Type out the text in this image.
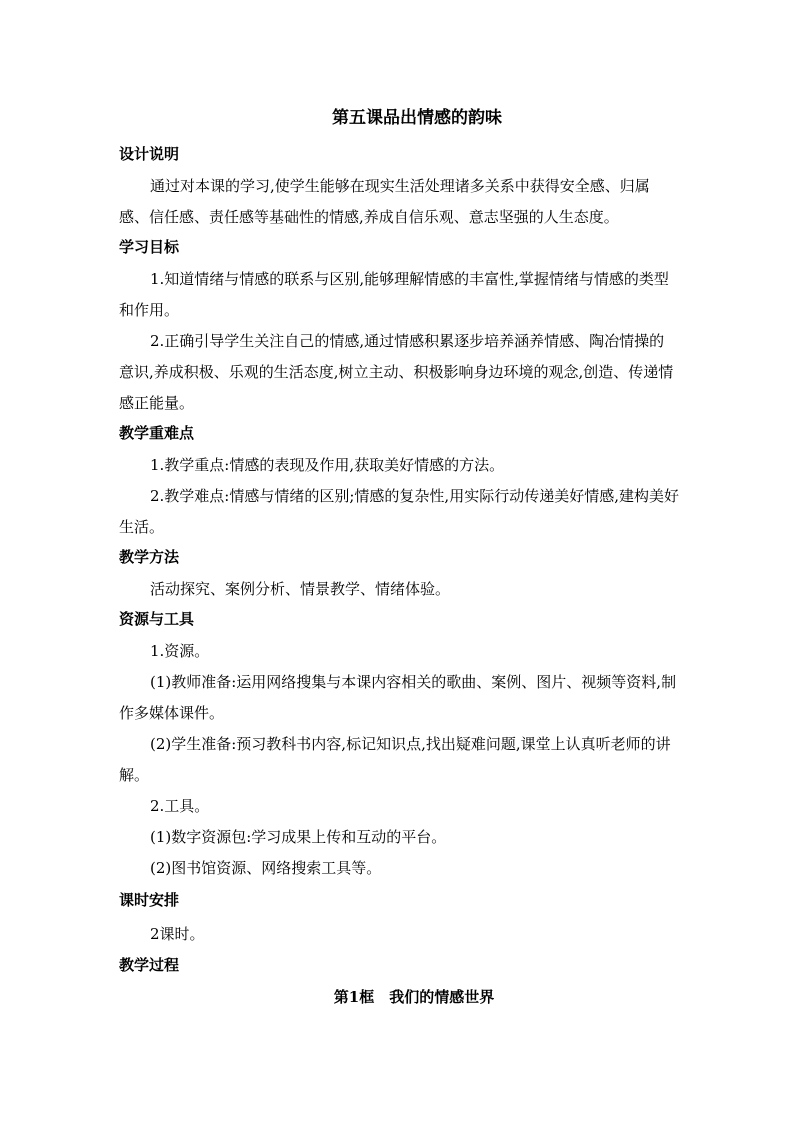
第五课品出情感的韵味
设计说明
通过对本课的学习,使学生能够在现实生活处理诸多关系中获得安全感、归属感、信任感、责任感等基础性的情感,养成自信乐观、意志坚强的人生态度。
学习目标
1.知道情绪与情感的联系与区别,能够理解情感的丰富性,掌握情绪与情感的类型和作用。
2.正确引导学生关注自己的情感,通过情感积累逐步培养涵养情感、陶冶情操的意识,养成积极、乐观的生活态度,树立主动、积极影响身边环境的观念,创造、传递情感正能量。
教学重难点
1.教学重点:情感的表现及作用,获取美好情感的方法。
2.教学难点:情感与情绪的区别;情感的复杂性,用实际行动传递美好情感,建构美好生活。
教学方法
活动探究、案例分析、情景教学、情绪体验。
资源与工具
1.资源。
(1)教师准备:运用网络搜集与本课内容相关的歌曲、案例、图片、视频等资料,制作多媒体课件。
(2)学生准备:预习教科书内容,标记知识点,找出疑难问题,课堂上认真听老师的讲解。
2.工具。
(1)数字资源包:学习成果上传和互动的平台。
(2)图书馆资源、网络搜索工具等。
课时安排
2课时。
教学过程
第1框　我们的情感世界
